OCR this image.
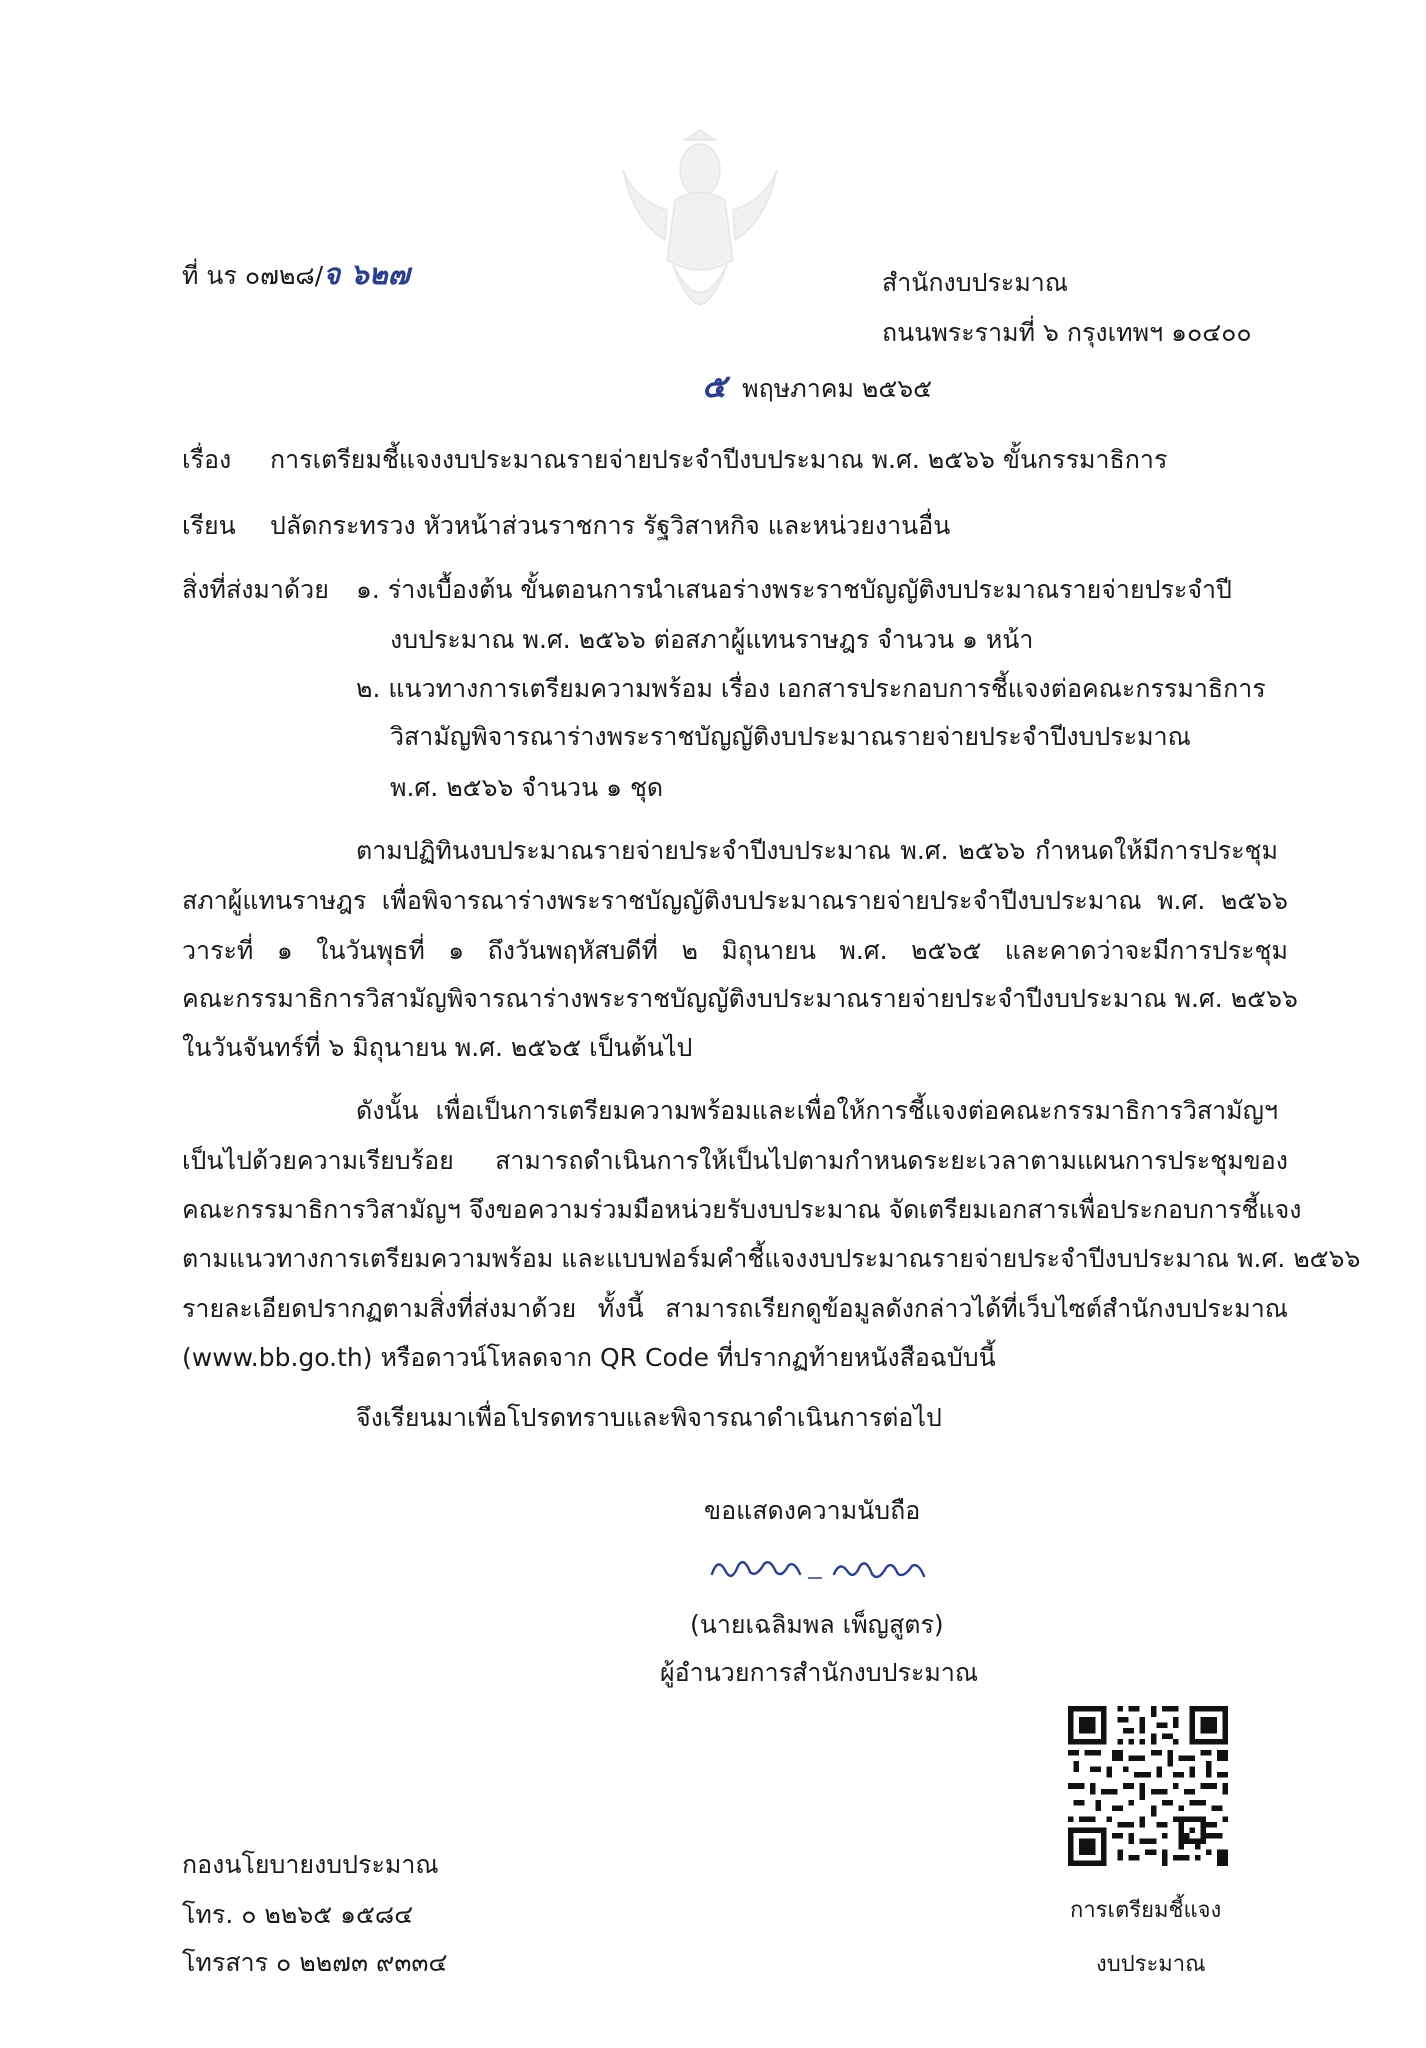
ที่ นร ๐๗๒๘/จ ๖๒๗	สำนักงบประมาณ
ถนนพระรามที่ ๖ กรุงเทพฯ ๑๐๔๐๐
๕ พฤษภาคม ๒๕๖๕
เรื่อง การเตรียมชี้แจงงบประมาณรายจ่ายประจำปีงบประมาณ พ.ศ. ๒๕๖๖ ขั้นกรรมาธิการ
เรียน ปลัดกระทรวง หัวหน้าส่วนราชการ รัฐวิสาหกิจ และหน่วยงานอื่น
สิ่งที่ส่งมาด้วย ๑. ร่างเบื้องต้น ขั้นตอนการนำเสนอร่างพระราชบัญญัติงบประมาณรายจ่ายประจำปี
งบประมาณ พ.ศ. ๒๕๖๖ ต่อสภาผู้แทนราษฎร จำนวน ๑ หน้า
๒. แนวทางการเตรียมความพร้อม เรื่อง เอกสารประกอบการชี้แจงต่อคณะกรรมาธิการ
วิสามัญพิจารณาร่างพระราชบัญญัติงบประมาณรายจ่ายประจำปีงบประมาณ
พ.ศ. ๒๕๖๖ จำนวน ๑ ชุด
ตามปฏิทินงบประมาณรายจ่ายประจำปีงบประมาณ พ.ศ. ๒๕๖๖ กำหนดให้มีการประชุม
สภาผู้แทนราษฎร เพื่อพิจารณาร่างพระราชบัญญัติงบประมาณรายจ่ายประจำปีงบประมาณ พ.ศ. ๒๕๖๖
วาระที่ ๑ ในวันพุธที่ ๑ ถึงวันพฤหัสบดีที่ ๒ มิถุนายน พ.ศ. ๒๕๖๕ และคาดว่าจะมีการประชุม
คณะกรรมาธิการวิสามัญพิจารณาร่างพระราชบัญญัติงบประมาณรายจ่ายประจำปีงบประมาณ พ.ศ. ๒๕๖๖
ในวันจันทร์ที่ ๖ มิถุนายน พ.ศ. ๒๕๖๕ เป็นต้นไป
ดังนั้น เพื่อเป็นการเตรียมความพร้อมและเพื่อให้การชี้แจงต่อคณะกรรมาธิการวิสามัญฯ
เป็นไปด้วยความเรียบร้อย สามารถดำเนินการให้เป็นไปตามกำหนดระยะเวลาตามแผนการประชุมของ
คณะกรรมาธิการวิสามัญฯ จึงขอความร่วมมือหน่วยรับงบประมาณ จัดเตรียมเอกสารเพื่อประกอบการชี้แจง
ตามแนวทางการเตรียมความพร้อม และแบบฟอร์มคำชี้แจงงบประมาณรายจ่ายประจำปีงบประมาณ พ.ศ. ๒๕๖๖
รายละเอียดปรากฏตามสิ่งที่ส่งมาด้วย ทั้งนี้ สามารถเรียกดูข้อมูลดังกล่าวได้ที่เว็บไซต์สำนักงบประมาณ
(www.bb.go.th) หรือดาวน์โหลดจาก QR Code ที่ปรากฏท้ายหนังสือฉบับนี้
จึงเรียนมาเพื่อโปรดทราบและพิจารณาดำเนินการต่อไป
ขอแสดงความนับถือ
(นายเฉลิมพล เพ็ญสูตร)
ผู้อำนวยการสำนักงบประมาณ
การเตรียมชี้แจง
งบประมาณ
กองนโยบายงบประมาณ
โทร. ๐ ๒๒๖๕ ๑๕๘๔
โทรสาร ๐ ๒๒๗๓ ๙๓๓๔
